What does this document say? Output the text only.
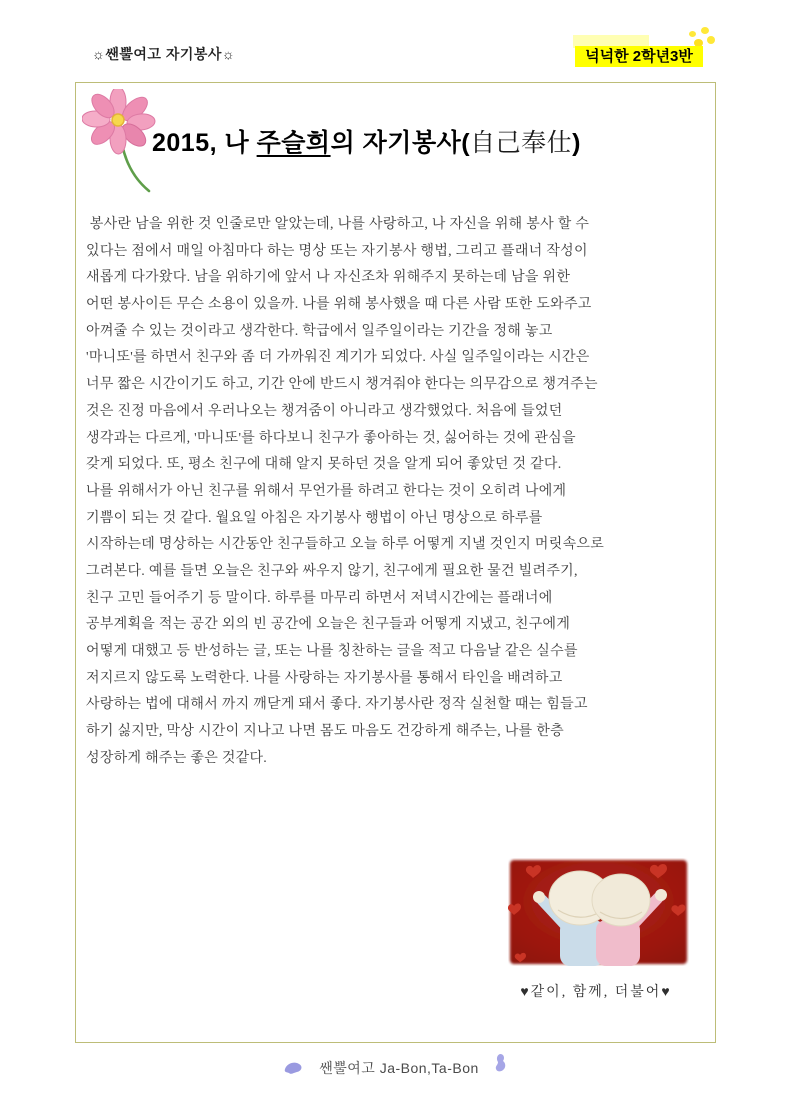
☼쌘뿔여고 자기봉사☼	넉넉한 2학년3반
2015, 나 주슬희의 자기봉사(自己奉仕)
봉사란 남을 위한 것 인줄로만 알았는데, 나를 사랑하고, 나 자신을 위해 봉사 할 수
있다는 점에서 매일 아침마다 하는 명상 또는 자기봉사 행법, 그리고 플래너 작성이
새롭게 다가왔다. 남을 위하기에 앞서 나 자신조차 위해주지 못하는데 남을 위한
어떤 봉사이든 무슨 소용이 있을까. 나를 위해 봉사했을 때 다른 사람 또한 도와주고
아껴줄 수 있는 것이라고 생각한다. 학급에서 일주일이라는 기간을 정해 놓고
'마니또'를 하면서 친구와 좀 더 가까워진 계기가 되었다. 사실 일주일이라는 시간은
너무 짧은 시간이기도 하고, 기간 안에 반드시 챙겨줘야 한다는 의무감으로 챙겨주는
것은 진정 마음에서 우러나오는 챙겨줌이 아니라고 생각했었다. 처음에 들었던
생각과는 다르게, '마니또'를 하다보니 친구가 좋아하는 것, 싫어하는 것에 관심을
갖게 되었다. 또, 평소 친구에 대해 알지 못하던 것을 알게 되어 좋았던 것 같다.
나를 위해서가 아닌 친구를 위해서 무언가를 하려고 한다는 것이 오히려 나에게
기쁨이 되는 것 같다. 월요일 아침은 자기봉사 행법이 아닌 명상으로 하루를
시작하는데 명상하는 시간동안 친구들하고 오늘 하루 어떻게 지낼 것인지 머릿속으로
그려본다. 예를 들면 오늘은 친구와 싸우지 않기, 친구에게 필요한 물건 빌려주기,
친구 고민 들어주기 등 말이다. 하루를 마무리 하면서 저녁시간에는 플래너에
공부계획을 적는 공간 외의 빈 공간에 오늘은 친구들과 어떻게 지냈고, 친구에게
어떻게 대했고 등 반성하는 글, 또는 나를 칭찬하는 글을 적고 다음날 같은 실수를
저지르지 않도록 노력한다. 나를 사랑하는 자기봉사를 통해서 타인을 배려하고
사랑하는 법에 대해서 까지 깨닫게 돼서 좋다. 자기봉사란 정작 실천할 때는 힘들고
하기 싫지만, 막상 시간이 지나고 나면 몸도 마음도 건강하게 해주는, 나를 한층
성장하게 해주는 좋은 것같다.
♥같이, 함께, 더불어♥
쌘뿔여고 Ja-Bon,Ta-Bon
